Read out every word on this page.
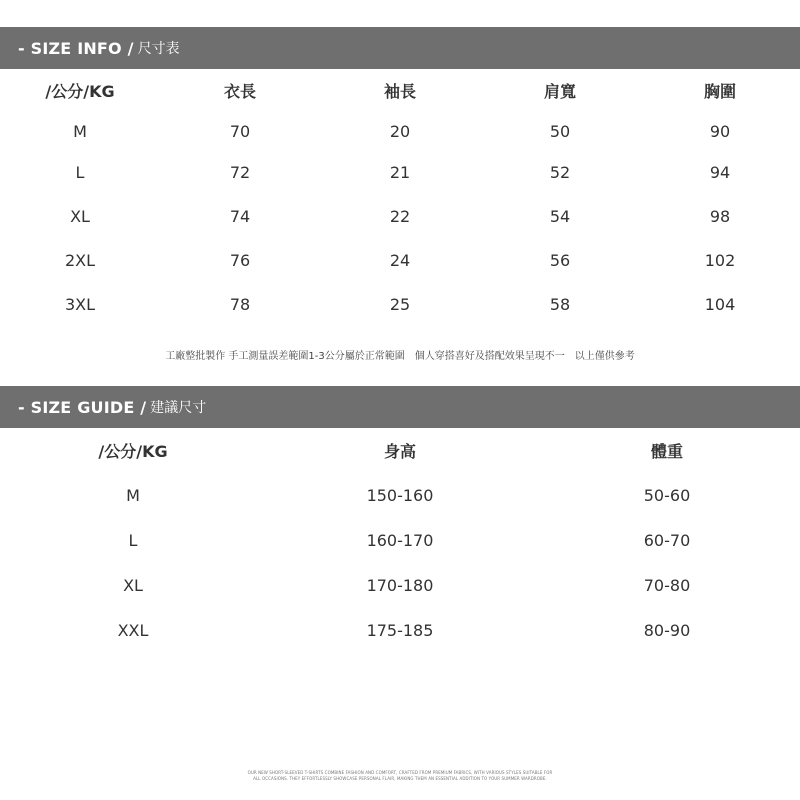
- SIZE INFO / 尺寸表
/公分/KG	衣長	袖長	肩寬	胸圍
M	70	20	50	90
L	72	21	52	94
XL	74	22	54	98
2XL	76	24	56	102
3XL	78	25	58	104
工廠整批製作 手工測量誤差範圍1-3公分屬於正常範圍　個人穿搭喜好及搭配效果呈現不一　以上僅供參考
- SIZE GUIDE / 建議尺寸
/公分/KG	身高	體重
M	150-160	50-60
L	160-170	60-70
XL	170-180	70-80
XXL	175-185	80-90
OUR NEW SHORT-SLEEVED T-SHIRTS COMBINE FASHION AND COMFORT, CRAFTED FROM PREMIUM FABRICS, WITH VARIOUS STYLES SUITABLE FOR
ALL OCCASIONS. THEY EFFORTLESSLY SHOWCASE PERSONAL FLAIR, MAKING THEM AN ESSENTIAL ADDITION TO YOUR SUMMER WARDROBE.
